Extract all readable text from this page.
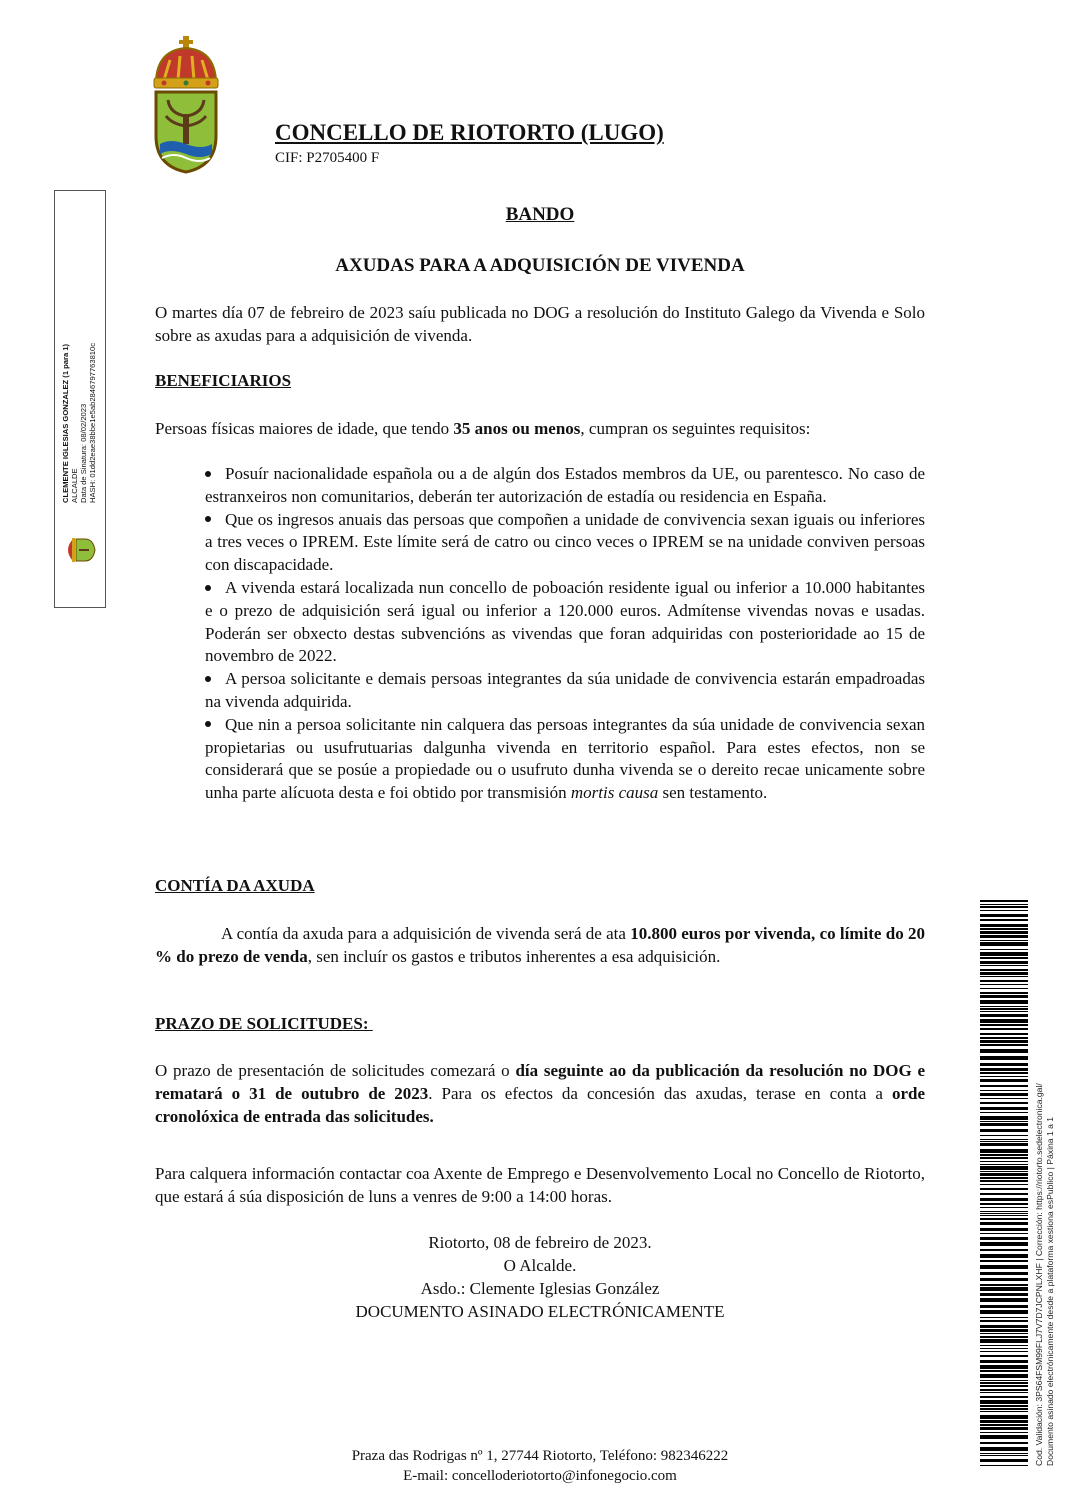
CONCELLO DE RIOTORTO (LUGO)
CIF: P2705400 F
CLEMENTE IGLESIAS GONZALEZ (1 para 1) ALCALDE Data de Sinatura: 08/02/2023 HASH: 01dd2eae38bbe1e5ab2846797763810c
BANDO
AXUDAS PARA A ADQUISICIÓN DE VIVENDA

O martes día 07 de febreiro de 2023 saíu publicada no DOG a resolución do Instituto Galego da Vivenda e Solo sobre as axudas para a adquisición de vivenda.

BENEFICIARIOS

Persoas físicas maiores de idade, que tendo 35 anos ou menos, cumpran os seguintes requisitos:

Posuír nacionalidade española ou a de algún dos Estados membros da UE, ou parentesco. No caso de estranxeiros non comunitarios, deberán ter autorización de estadía ou residencia en España.
Que os ingresos anuais das persoas que compoñen a unidade de convivencia sexan iguais ou inferiores a tres veces o IPREM. Este límite será de catro ou cinco veces o IPREM se na unidade conviven persoas con discapacidade.
A vivenda estará localizada nun concello de poboación residente igual ou inferior a 10.000 habitantes e o prezo de adquisición será igual ou inferior a 120.000 euros. Admítense vivendas novas e usadas. Poderán ser obxecto destas subvencións as vivendas que foran adquiridas con posterioridade ao 15 de novembro de 2022.
A persoa solicitante e demais persoas integrantes da súa unidade de convivencia estarán empadroadas na vivenda adquirida.
Que nin a persoa solicitante nin calquera das persoas integrantes da súa unidade de convivencia sexan propietarias ou usufrutuarias dalgunha vivenda en territorio español. Para estes efectos, non se considerará que se posúe a propiedade ou o usufruto dunha vivenda se o dereito recae unicamente sobre unha parte alícuota desta e foi obtido por transmisión mortis causa sen testamento.
CONTÍA DA AXUDA

A contía da axuda para a adquisición de vivenda será de ata 10.800 euros por vivenda, co límite do 20 % do prezo de venda, sen incluír os gastos e tributos inherentes a esa adquisición.

PRAZO DE SOLICITUDES:

O prazo de presentación de solicitudes comezará o día seguinte ao da publicación da resolución no DOG e rematará o 31 de outubro de 2023. Para os efectos da concesión das axudas, terase en conta a orde cronolóxica de entrada das solicitudes.

Para calquera información contactar coa Axente de Emprego e Desenvolvemento Local no Concello de Riotorto, que estará á súa disposición de luns a venres de 9:00 a 14:00 horas.

Riotorto, 08 de febreiro de 2023.
O Alcalde.
Asdo.: Clemente Iglesias González
DOCUMENTO ASINADO ELECTRÓNICAMENTE
Praza das Rodrigas nº 1, 27744 Riotorto, Teléfono: 982346222
E-mail: concelloderiotorto@infonegocio.com
Cod. Validación: 3PS64FSM99FLJ7V7D7JCPNLXHF | Corrección: https://riotorto.sedelectronica.gal/ Documento asinado electrónicamente desde a plataforma xestiona esPublico | Páxina 1 a 1
